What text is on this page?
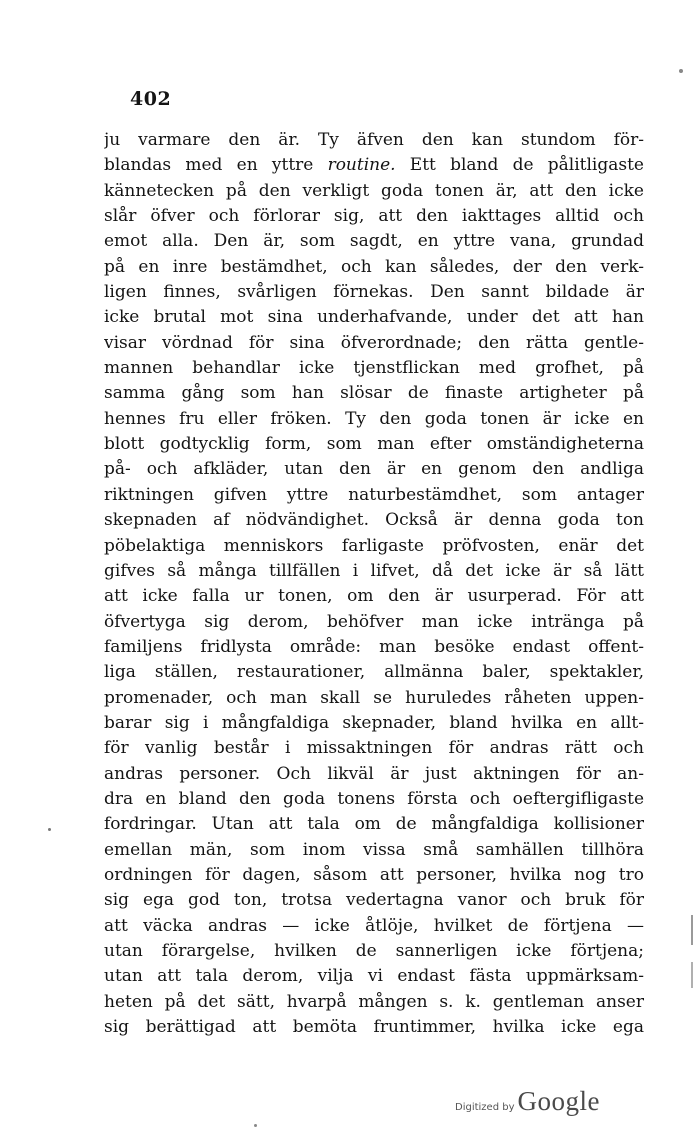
402
ju varmare den är. Ty äfven den kan stundom för-
blandas med en yttre routine. Ett bland de pålitligaste
kännetecken på den verkligt goda tonen är, att den icke
slår öfver och förlorar sig, att den iakttages alltid och
emot alla. Den är, som sagdt, en yttre vana, grundad
på en inre bestämdhet, och kan således, der den verk-
ligen finnes, svårligen förnekas. Den sannt bildade är
icke brutal mot sina underhafvande, under det att han
visar vördnad för sina öfverordnade; den rätta gentle-
mannen behandlar icke tjenstflickan med grofhet, på
samma gång som han slösar de finaste artigheter på
hennes fru eller fröken. Ty den goda tonen är icke en
blott godtycklig form, som man efter omständigheterna
på- och afkläder, utan den är en genom den andliga
riktningen gifven yttre naturbestämdhet, som antager
skepnaden af nödvändighet. Också är denna goda ton
pöbelaktiga menniskors farligaste pröfvosten, enär det
gifves så många tillfällen i lifvet, då det icke är så lätt
att icke falla ur tonen, om den är usurperad. För att
öfvertyga sig derom, behöfver man icke intränga på
familjens fridlysta område: man besöke endast offent-
liga ställen, restaurationer, allmänna baler, spektakler,
promenader, och man skall se huruledes råheten uppen-
barar sig i mångfaldiga skepnader, bland hvilka en allt-
för vanlig består i missaktningen för andras rätt och
andras personer. Och likväl är just aktningen för an-
dra en bland den goda tonens första och oeftergifligaste
fordringar. Utan att tala om de mångfaldiga kollisioner
emellan män, som inom vissa små samhällen tillhöra
ordningen för dagen, såsom att personer, hvilka nog tro
sig ega god ton, trotsa vedertagna vanor och bruk för
att väcka andras — icke åtlöje, hvilket de förtjena —
utan förargelse, hvilken de sannerligen icke förtjena;
utan att tala derom, vilja vi endast fästa uppmärksam-
heten på det sätt, hvarpå mången s. k. gentleman anser
sig berättigad att bemöta fruntimmer, hvilka icke ega
Digitized by Google
